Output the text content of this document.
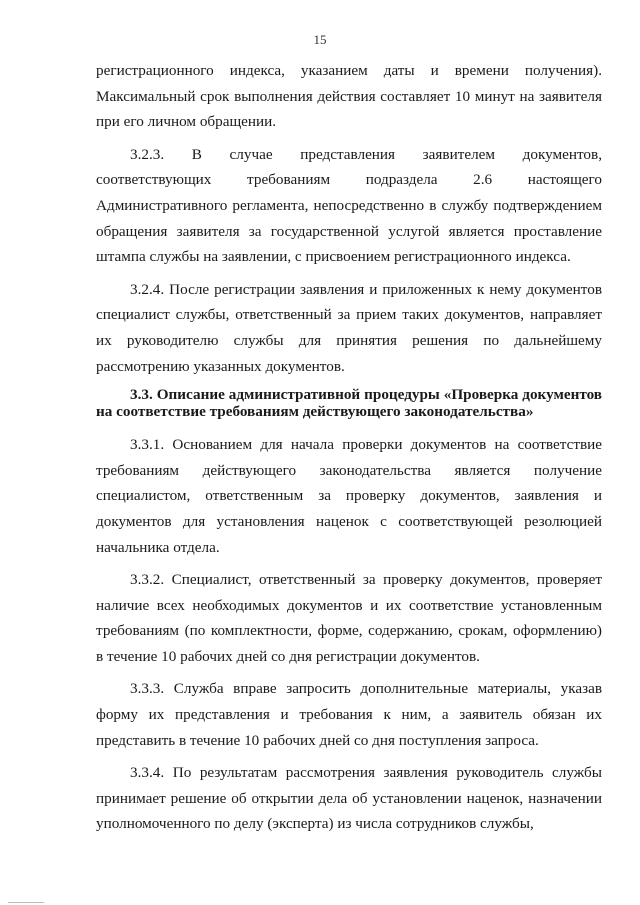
15

регистрационного индекса, указанием даты и времени получения). Максимальный срок выполнения действия составляет 10 минут на заявителя при его личном обращении.

3.2.3. В случае представления заявителем документов, соответствующих требованиям подраздела 2.6 настоящего Административного регламента, непосредственно в службу подтверждением обращения заявителя за государственной услугой является проставление штампа службы на заявлении, с присвоением регистрационного индекса.

3.2.4. После регистрации заявления и приложенных к нему документов специалист службы, ответственный за прием таких документов, направляет их руководителю службы для принятия решения по дальнейшему рассмотрению указанных документов.

3.3. Описание административной процедуры «Проверка документов на соответствие требованиям действующего законодательства»

3.3.1. Основанием для начала проверки документов на соответствие требованиям действующего законодательства является получение специалистом, ответственным за проверку документов, заявления и документов для установления наценок с соответствующей резолюцией начальника отдела.

3.3.2. Специалист, ответственный за проверку документов, проверяет наличие всех необходимых документов и их соответствие установленным требованиям (по комплектности, форме, содержанию, срокам, оформлению) в течение 10 рабочих дней со дня регистрации документов.

3.3.3. Служба вправе запросить дополнительные материалы, указав форму их представления и требования к ним, а заявитель обязан их представить в течение 10 рабочих дней со дня поступления запроса.

3.3.4. По результатам рассмотрения заявления руководитель службы принимает решение об открытии дела об установлении наценок, назначении уполномоченного по делу (эксперта) из числа сотрудников службы,
